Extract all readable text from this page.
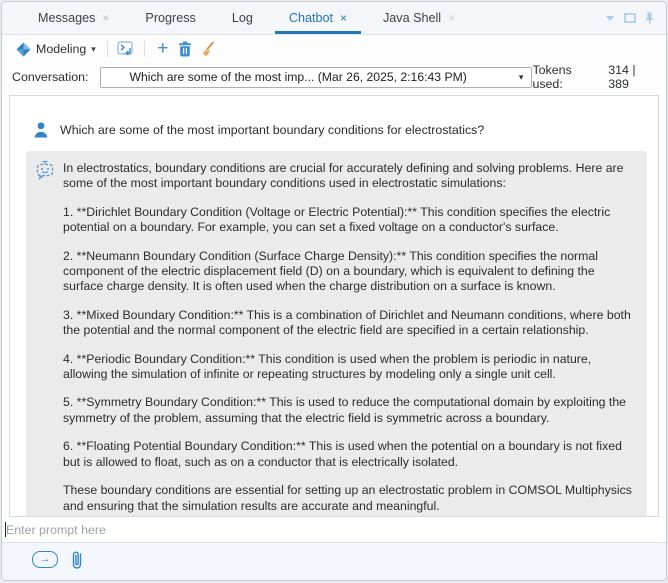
Messages ×	Progress	Log	Chatbot ×	Java Shell ×
Modeling ▾	+
Conversation:	Which are some of the most imp... (Mar 26, 2025, 2:16:43 PM)	▾ Tokens used:
314 | 389
Which are some of the most important boundary conditions for electrostatics?

In electrostatics, boundary conditions are crucial for accurately defining and solving problems. Here are some of the most important boundary conditions used in electrostatic simulations:

1. **Dirichlet Boundary Condition (Voltage or Electric Potential):** This condition specifies the electric potential on a boundary. For example, you can set a fixed voltage on a conductor's surface.

2. **Neumann Boundary Condition (Surface Charge Density):** This condition specifies the normal component of the electric displacement field (D) on a boundary, which is equivalent to defining the surface charge density. It is often used when the charge distribution on a surface is known.

3. **Mixed Boundary Condition:** This is a combination of Dirichlet and Neumann conditions, where both the potential and the normal component of the electric field are specified in a certain relationship.

4. **Periodic Boundary Condition:** This condition is used when the problem is periodic in nature, allowing the simulation of infinite or repeating structures by modeling only a single unit cell.

5. **Symmetry Boundary Condition:** This is used to reduce the computational domain by exploiting the symmetry of the problem, assuming that the electric field is symmetric across a boundary.

6. **Floating Potential Boundary Condition:** This is used when the potential on a boundary is not fixed but is allowed to float, such as on a conductor that is electrically isolated.

These boundary conditions are essential for setting up an electrostatic problem in COMSOL Multiphysics and ensuring that the simulation results are accurate and meaningful.

Enter prompt here
→
